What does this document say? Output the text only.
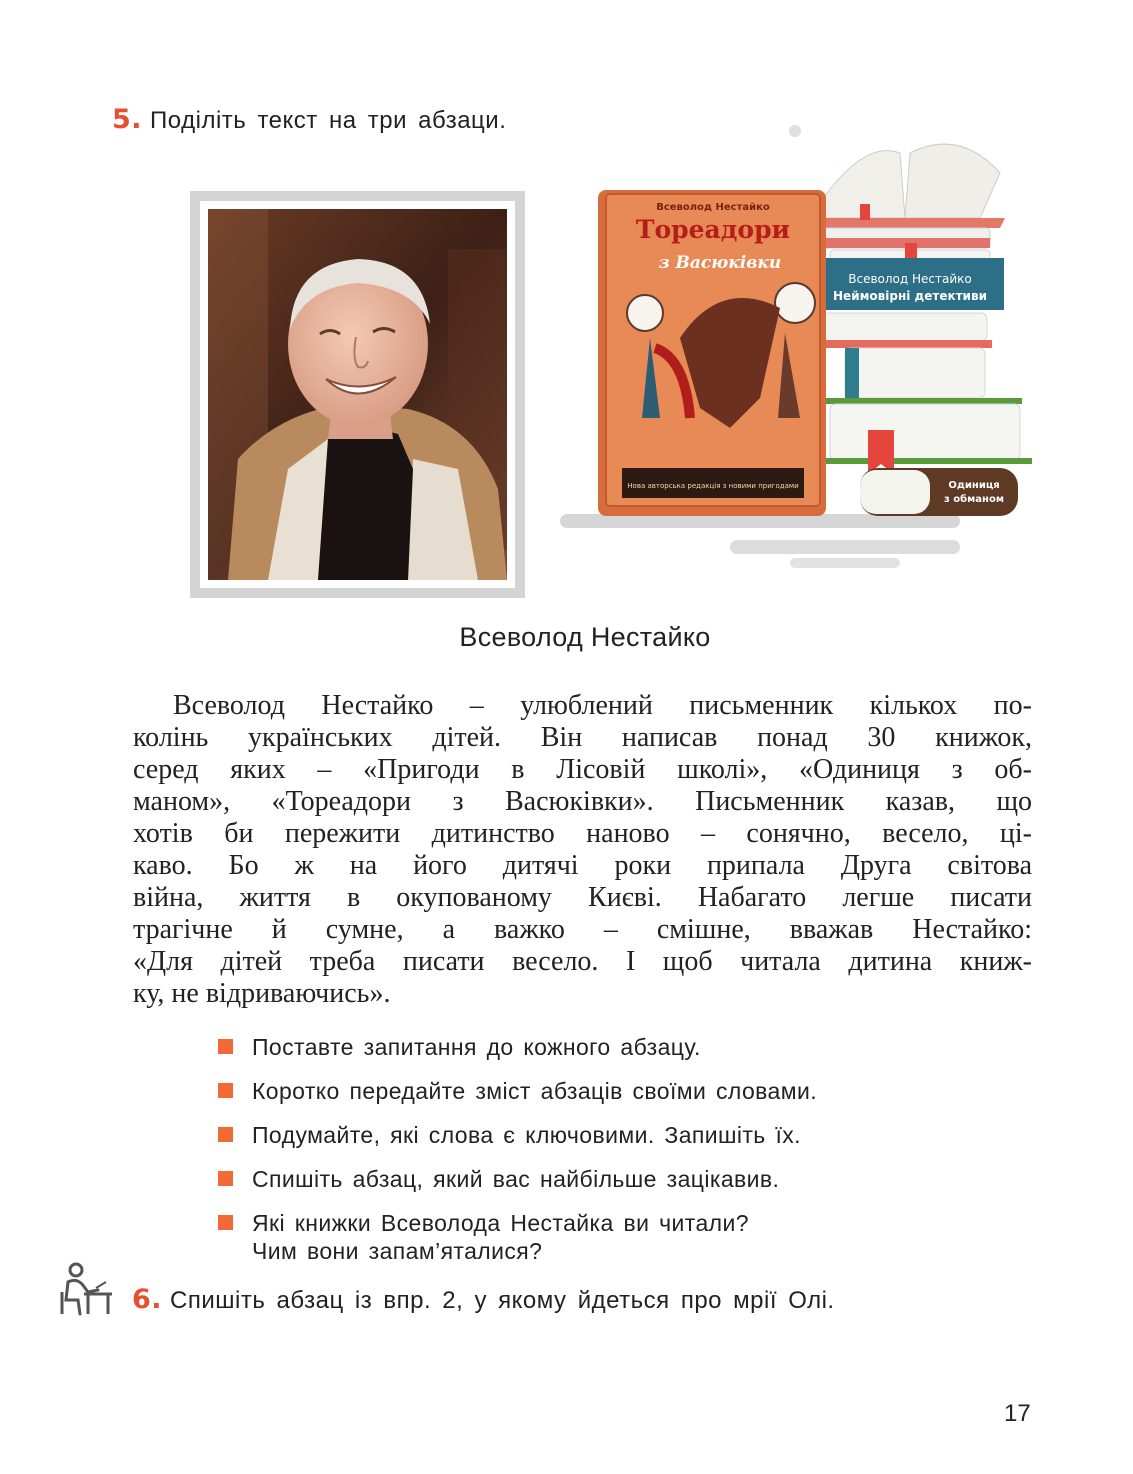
5. Поділіть текст на три абзаци.
Всеволод Нестайко
Неймовірні детективи
Одиниця
з обманом
Всеволод Нестайко
Тореадори
з Васюківки
Нова авторська редакція з новими пригодами
Всеволод Нестайко
Всеволод Нестайко – улюблений письменник кількох по-
колінь українських дітей. Він написав понад 30 книжок,
серед яких – «Пригоди в Лісовій школі», «Одиниця з об-
маном», «Тореадори з Васюківки». Письменник казав, що
хотів би пережити дитинство наново – сонячно, весело, ці-
каво. Бо ж на його дитячі роки припала Друга світова
війна, життя в окупованому Києві. Набагато легше писати
трагічне й сумне, а важко – смішне, вважав Нестайко:
«Для дітей треба писати весело. І щоб читала дитина книж-
ку, не відриваючись».
Поставте запитання до кожного абзацу.
Коротко передайте зміст абзаців своїми словами.
Подумайте, які слова є ключовими. Запишіть їх.
Спишіть абзац, який вас найбільше зацікавив.
Які книжки Всеволода Нестайка ви читали?
Чим вони запам’яталися?
6. Спишіть абзац із впр. 2, у якому йдеться про мрії Олі.
17
